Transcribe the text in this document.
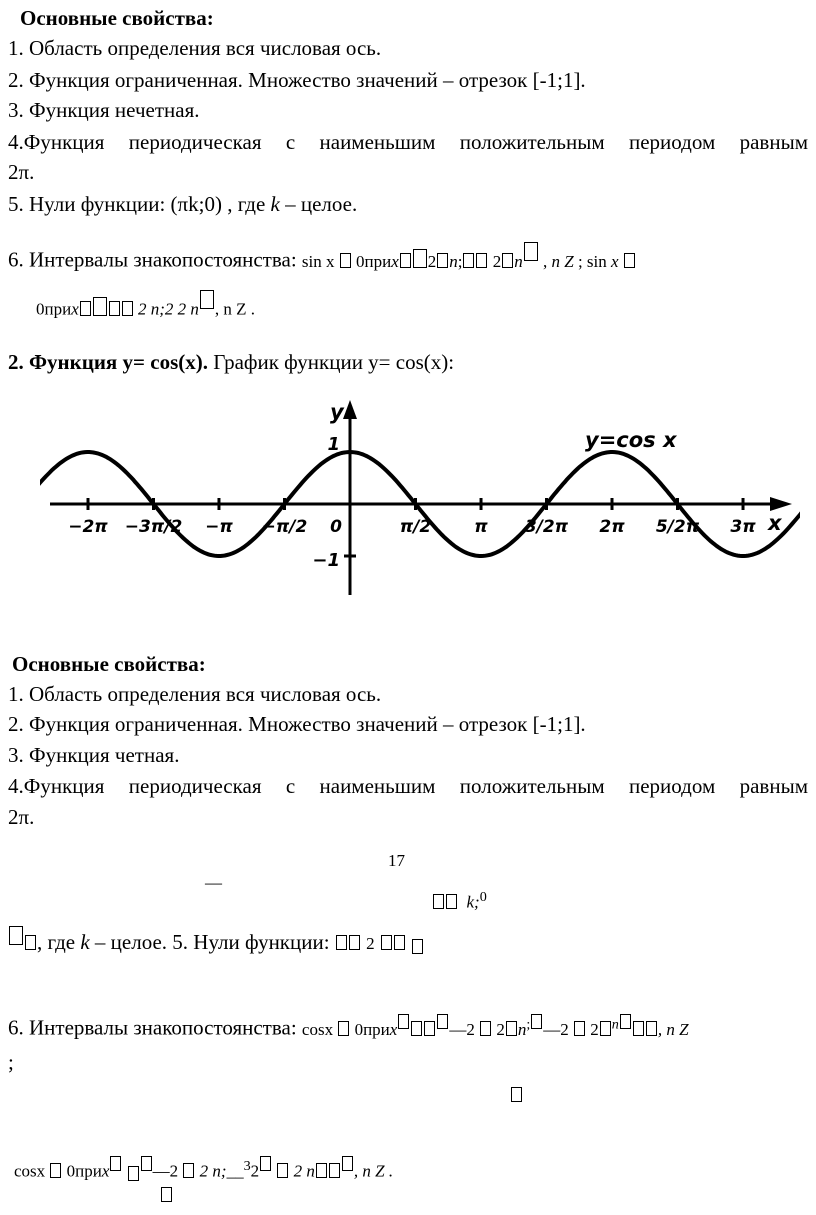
Основные свойства:
1. Область определения вся числовая ось.
2. Функция ограниченная. Множество значений – отрезок [-1;1].
3. Функция нечетная.
4.Функция периодическая с наименьшим положительным периодом равным
2π.
5. Нули функции: (πk;0) , где k – целое.
6. Интервалы знакопостоянства: sin x 0приx 2 n; 2 n , n Z ; sin x
0приx	2 n;2 2 n , n Z .
2. Функция y= cos(x). График функции y= cos(x):
−2π −3π/2 −π −π/2 0	π/2	π 3/2π 2π 5/2π 3π
1
−1
y=cos x
x
y
Основные свойства:
1. Область определения вся числовая ось.
2. Функция ограниченная. Множество значений – отрезок [-1;1].
3. Функция четная.
4.Функция периодическая с наименьшим положительным периодом равным
2π.
17
—
k;$^0$
, где k – целое. 5. Нули функции:  2
6. Интервалы знакопостоянства: cosx 0приx	—2 2 n; —2 2 $^n$ , n Z
;
cosx 0приx	—2 2 n;__$^3$2 2 n , n Z .
